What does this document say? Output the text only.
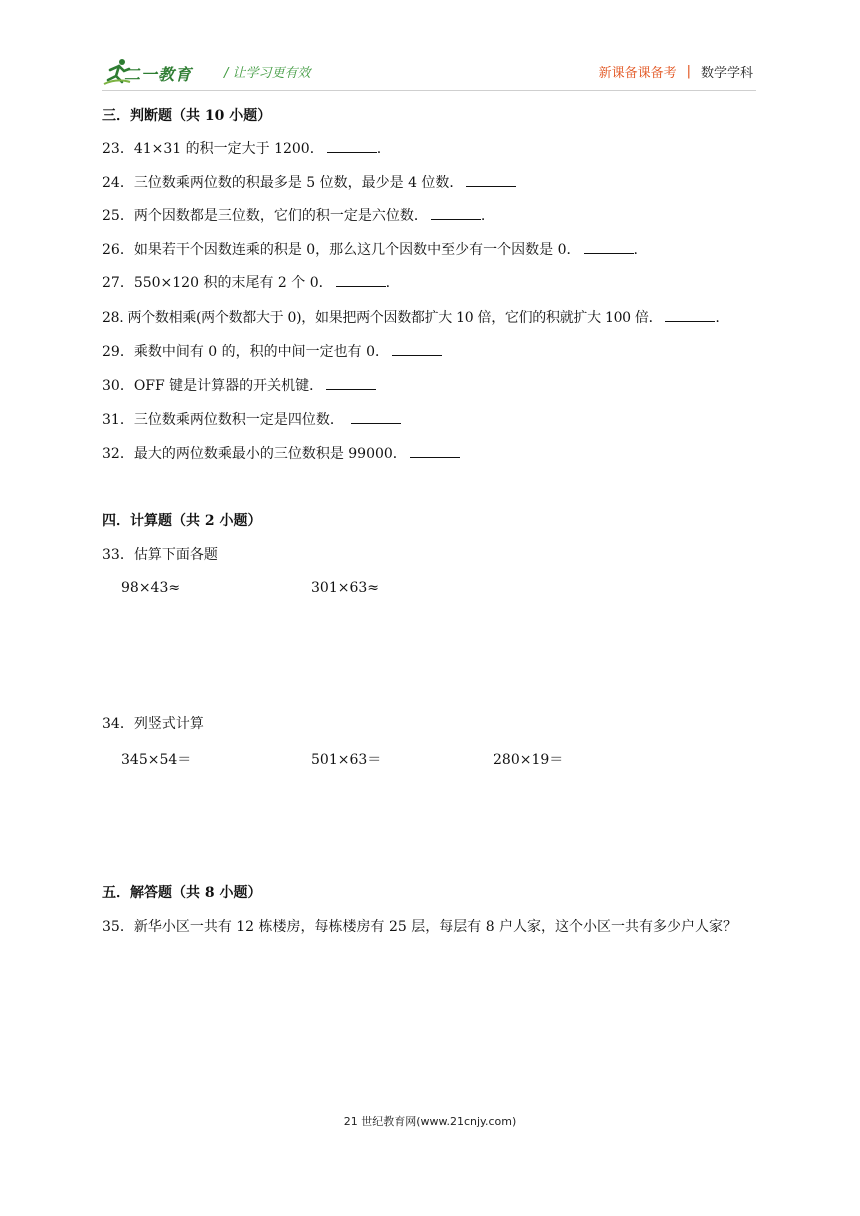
二一教育 / 让学习更有效	新课备课备考 | 数学学科
三．判断题（共 10 小题）
23．41×31 的积一定大于 1200．	.
24．三位数乘两位数的积最多是 5 位数，最少是 4 位数．
25．两个因数都是三位数，它们的积一定是六位数．	.
26．如果若干个因数连乘的积是 0，那么这几个因数中至少有一个因数是 0．	.
27．550×120 积的末尾有 2 个 0．	.
28. 两个数相乘(两个数都大于 0)，如果把两个因数都扩大 10 倍，它们的积就扩大 100 倍．	.
29．乘数中间有 0 的，积的中间一定也有 0．
30．OFF 键是计算器的开关机键．
31．三位数乘两位数积一定是四位数．
32．最大的两位数乘最小的三位数积是 99000．
四．计算题（共 2 小题）
33．估算下面各题
98×43≈	301×63≈
34．列竖式计算
345×54＝	501×63＝	280×19＝
五．解答题（共 8 小题）
35．新华小区一共有 12 栋楼房，每栋楼房有 25 层，每层有 8 户人家，这个小区一共有多少户人家？
21 世纪教育网(www.21cnjy.com)
